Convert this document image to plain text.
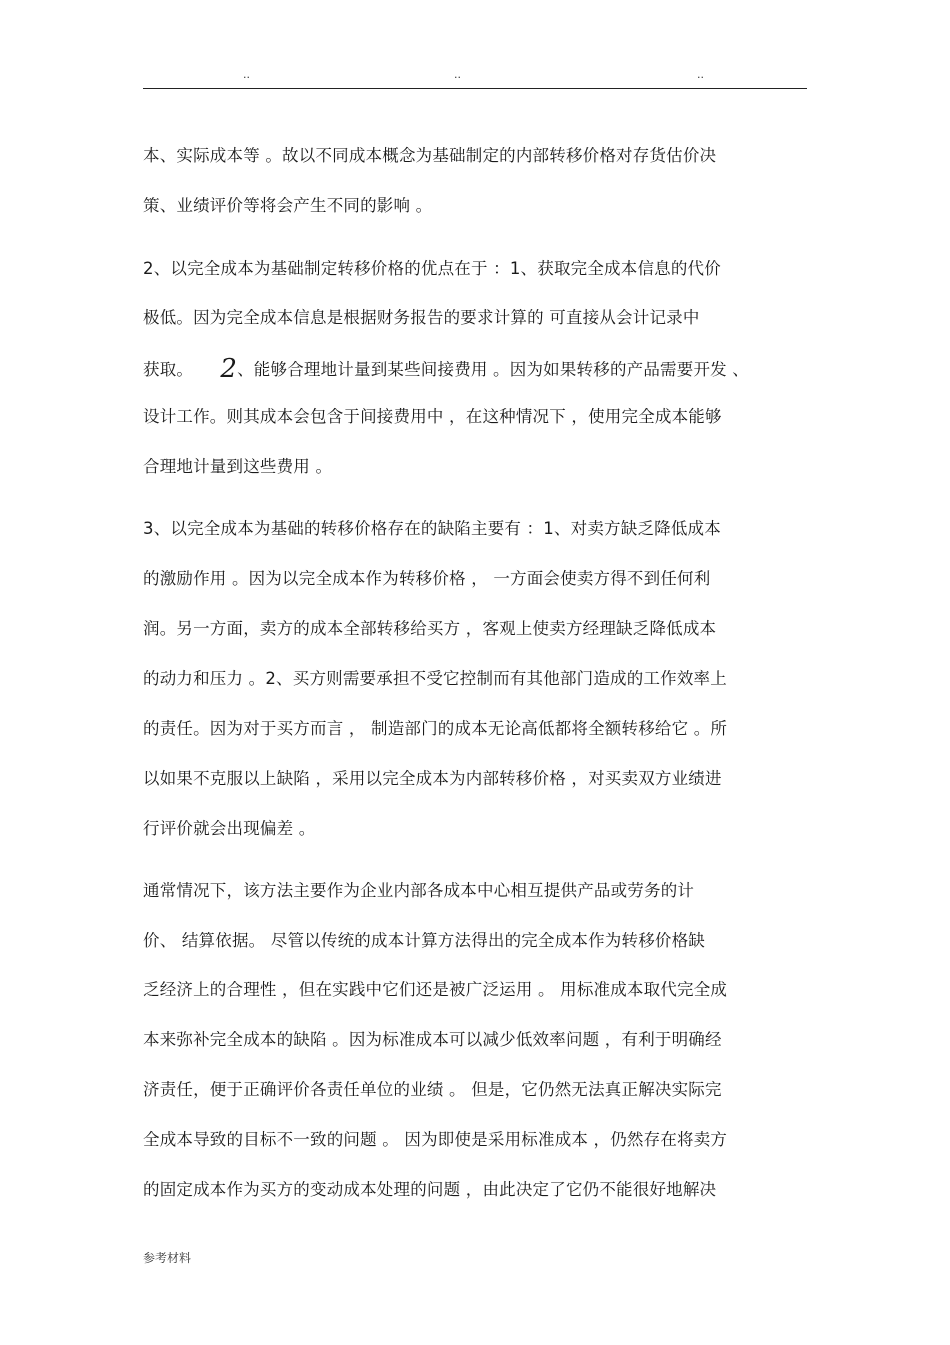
..	..	..
本、实际成本等 。故以不同成本概念为基础制定的内部转移价格对存货估价决
策、业绩评价等将会产生不同的影响 。
2、以完全成本为基础制定转移价格的优点在于 ：1、获取完全成本信息的代价
极低。因为完全成本信息是根据财务报告的要求计算的 可直接从会计记录中
获取。 2、能够合理地计量到某些间接费用 。因为如果转移的产品需要开发 、
设计工作。则其成本会包含于间接费用中 ，在这种情况下 ，使用完全成本能够
合理地计量到这些费用 。
3、以完全成本为基础的转移价格存在的缺陷主要有 ：1、对卖方缺乏降低成本
的激励作用 。因为以完全成本作为转移价格 ， 一方面会使卖方得不到任何利
润。另一方面，卖方的成本全部转移给买方 ，客观上使卖方经理缺乏降低成本
的动力和压力 。2、买方则需要承担不受它控制而有其他部门造成的工作效率上
的责任。因为对于买方而言 ， 制造部门的成本无论高低都将全额转移给它 。所
以如果不克服以上缺陷 ，采用以完全成本为内部转移价格 ，对买卖双方业绩进
行评价就会出现偏差 。
通常情况下，该方法主要作为企业内部各成本中心相互提供产品或劳务的计
价、 结算依据。 尽管以传统的成本计算方法得出的完全成本作为转移价格缺
乏经济上的合理性 ，但在实践中它们还是被广泛运用 。 用标准成本取代完全成
本来弥补完全成本的缺陷 。因为标准成本可以减少低效率问题 ，有利于明确经
济责任，便于正确评价各责任单位的业绩 。 但是，它仍然无法真正解决实际完
全成本导致的目标不一致的问题 。 因为即使是采用标准成本 ，仍然存在将卖方
的固定成本作为买方的变动成本处理的问题 ，由此决定了它仍不能很好地解决
参考材料
